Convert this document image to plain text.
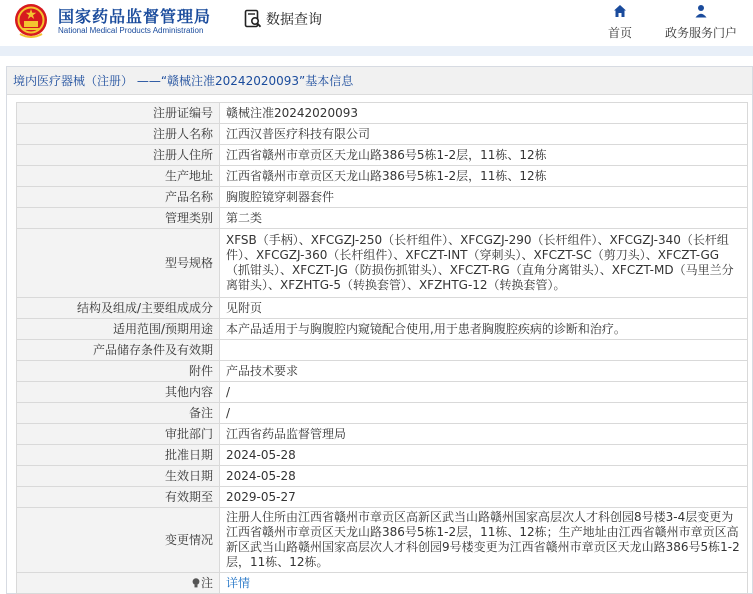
国家药品监督管理局
National Medical Products Administration
数据查询
首页	政务服务门户
境内医疗器械（注册） ——“赣械注准20242020093”基本信息
注册证编号	赣械注准20242020093
注册人名称	江西汉普医疗科技有限公司
注册人住所	江西省赣州市章贡区天龙山路386号5栋1-2层，11栋、12栋
生产地址	江西省赣州市章贡区天龙山路386号5栋1-2层，11栋、12栋
产品名称	胸腹腔镜穿刺器套件
管理类别	第二类
型号规格	XFSB（手柄）、XFCGZJ-250（长杆组件）、XFCGZJ-290（长杆组件）、XFCGZJ-340（长杆组件）、XFCGZJ-360（长杆组件）、XFCZT-INT（穿刺头）、XFCZT-SC（剪刀头）、XFCZT-GG（抓钳头）、XFCZT-JG（防损伤抓钳头）、XFCZT-RG（直角分离钳头）、XFCZT-MD（马里兰分离钳头）、XFZHTG-5（转换套管）、XFZHTG-12（转换套管）。
结构及组成/主要组成成分	见附页
适用范围/预期用途	本产品适用于与胸腹腔内窥镜配合使用,用于患者胸腹腔疾病的诊断和治疗。
产品储存条件及有效期	
附件	产品技术要求
其他内容	/
备注	/
审批部门	江西省药品监督管理局
批准日期	2024-05-28
生效日期	2024-05-28
有效期至	2029-05-27
变更情况	注册人住所由江西省赣州市章贡区高新区武当山路赣州国家高层次人才科创园8号楼3-4层变更为江西省赣州市章贡区天龙山路386号5栋1-2层，11栋、12栋；生产地址由江西省赣州市章贡区高新区武当山路赣州国家高层次人才科创园9号楼变更为江西省赣州市章贡区天龙山路386号5栋1-2层，11栋、12栋。
注	详情
